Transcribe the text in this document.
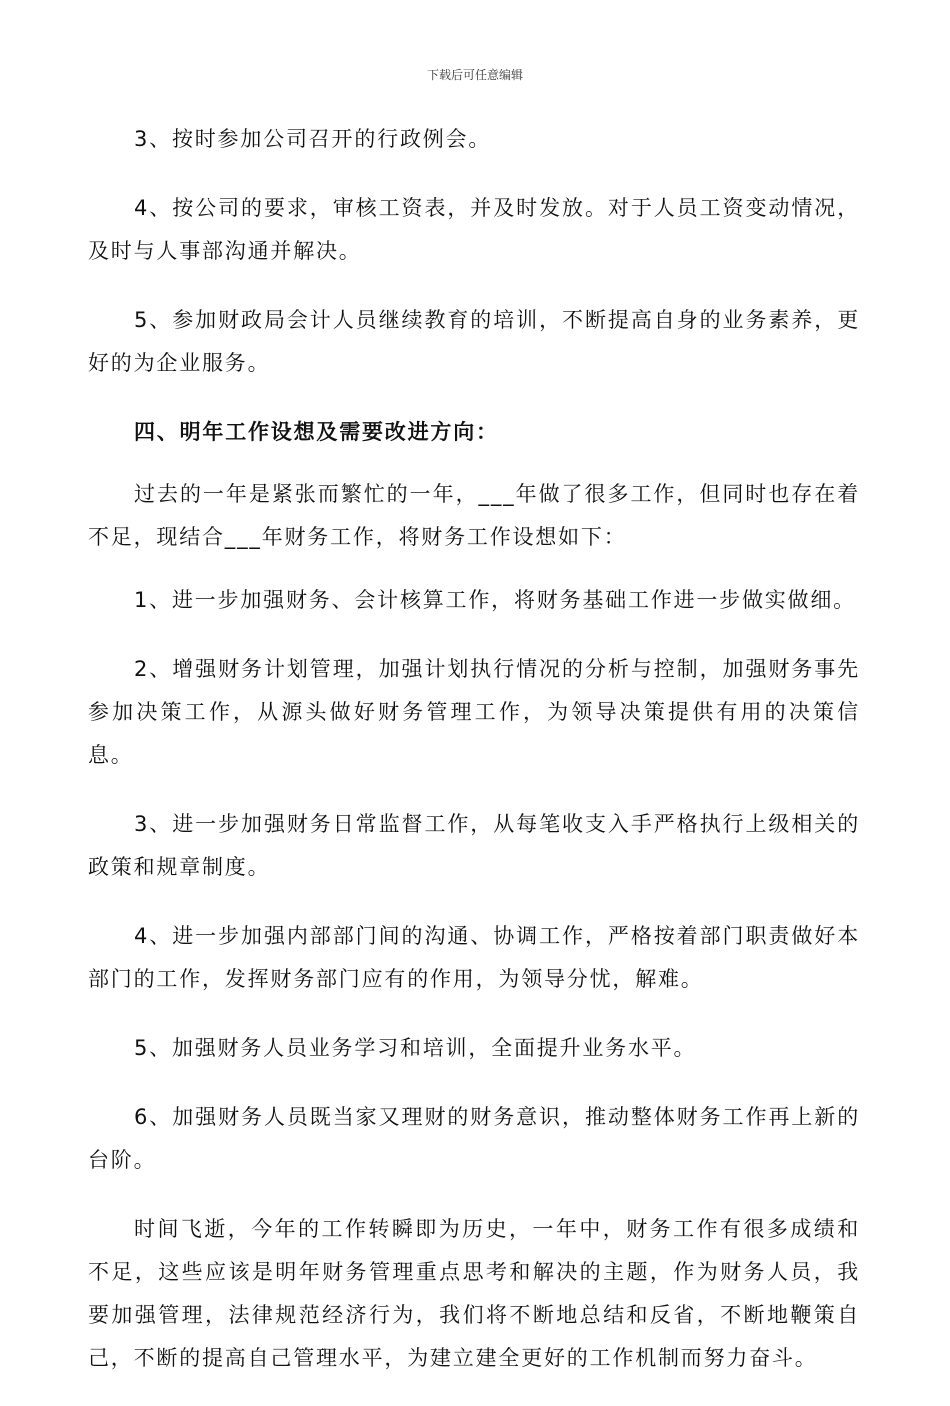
下载后可任意编辑

3、按时参加公司召开的行政例会。

4、按公司的要求，审核工资表，并及时发放。对于人员工资变动情况，及时与人事部沟通并解决。

5、参加财政局会计人员继续教育的培训，不断提高自身的业务素养，更好的为企业服务。

四、明年工作设想及需要改进方向：

过去的一年是紧张而繁忙的一年，___年做了很多工作，但同时也存在着不足，现结合___年财务工作，将财务工作设想如下：

1、进一步加强财务、会计核算工作，将财务基础工作进一步做实做细。

2、增强财务计划管理，加强计划执行情况的分析与控制，加强财务事先参加决策工作，从源头做好财务管理工作，为领导决策提供有用的决策信息。

3、进一步加强财务日常监督工作，从每笔收支入手严格执行上级相关的政策和规章制度。

4、进一步加强内部部门间的沟通、协调工作，严格按着部门职责做好本部门的工作，发挥财务部门应有的作用，为领导分忧，解难。

5、加强财务人员业务学习和培训，全面提升业务水平。

6、加强财务人员既当家又理财的财务意识，推动整体财务工作再上新的台阶。

时间飞逝，今年的工作转瞬即为历史，一年中，财务工作有很多成绩和不足，这些应该是明年财务管理重点思考和解决的主题，作为财务人员，我要加强管理，法律规范经济行为，我们将不断地总结和反省，不断地鞭策自己，不断的提高自己管理水平，为建立建全更好的工作机制而努力奋斗。
